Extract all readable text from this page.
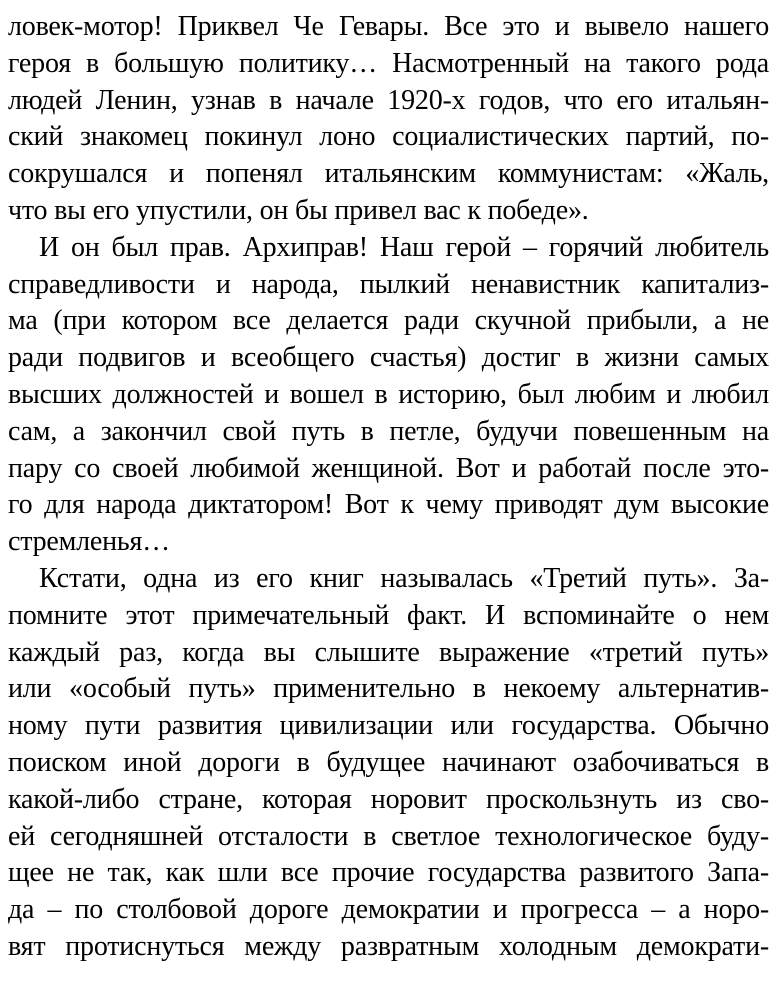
ловек-мотор! Приквел Че Гевары. Все это и вывело нашего
героя в большую политику… Насмотренный на такого рода
людей Ленин, узнав в начале 1920-х годов, что его итальян-
ский знакомец покинул лоно социалистических партий, по-
сокрушался и попенял итальянским коммунистам: «Жаль,
что вы его упустили, он бы привел вас к победе».
И он был прав. Архиправ! Наш герой – горячий любитель
справедливости и народа, пылкий ненавистник капитализ-
ма (при котором все делается ради скучной прибыли, а не
ради подвигов и всеобщего счастья) достиг в жизни самых
высших должностей и вошел в историю, был любим и любил
сам, а закончил свой путь в петле, будучи повешенным на
пару со своей любимой женщиной. Вот и работай после это-
го для народа диктатором! Вот к чему приводят дум высокие
стремленья…
Кстати, одна из его книг называлась «Третий путь». За-
помните этот примечательный факт. И вспоминайте о нем
каждый раз, когда вы слышите выражение «третий путь»
или «особый путь» применительно в некоему альтернатив-
ному пути развития цивилизации или государства. Обычно
поиском иной дороги в будущее начинают озабочиваться в
какой-либо стране, которая норовит проскользнуть из сво-
ей сегодняшней отсталости в светлое технологическое буду-
щее не так, как шли все прочие государства развитого Запа-
да – по столбовой дороге демократии и прогресса – а норо-
вят протиснуться между развратным холодным демократи-
